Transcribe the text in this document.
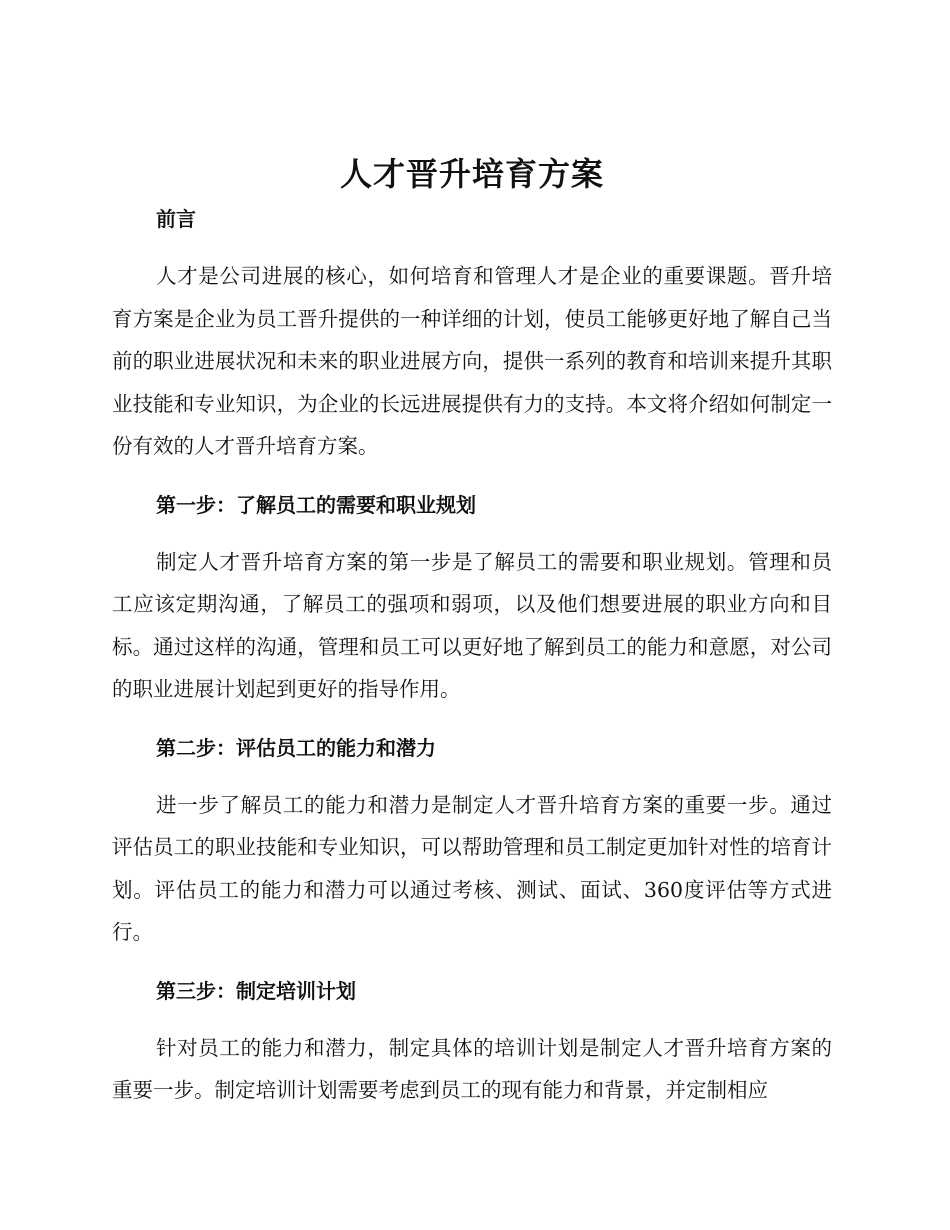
人才晋升培育方案
前言

人才是公司进展的核心，如何培育和管理人才是企业的重要课题。晋升培育方案是企业为员工晋升提供的一种详细的计划，使员工能够更好地了解自己当前的职业进展状况和未来的职业进展方向，提供一系列的教育和培训来提升其职业技能和专业知识，为企业的长远进展提供有力的支持。本文将介绍如何制定一份有效的人才晋升培育方案。

第一步：了解员工的需要和职业规划

制定人才晋升培育方案的第一步是了解员工的需要和职业规划。管理和员工应该定期沟通，了解员工的强项和弱项，以及他们想要进展的职业方向和目标。通过这样的沟通，管理和员工可以更好地了解到员工的能力和意愿，对公司的职业进展计划起到更好的指导作用。

第二步：评估员工的能力和潜力

进一步了解员工的能力和潜力是制定人才晋升培育方案的重要一步。通过评估员工的职业技能和专业知识，可以帮助管理和员工制定更加针对性的培育计划。评估员工的能力和潜力可以通过考核、测试、面试、360度评估等方式进行。

第三步：制定培训计划

针对员工的能力和潜力，制定具体的培训计划是制定人才晋升培育方案的重要一步。制定培训计划需要考虑到员工的现有能力和背景，并定制相应
